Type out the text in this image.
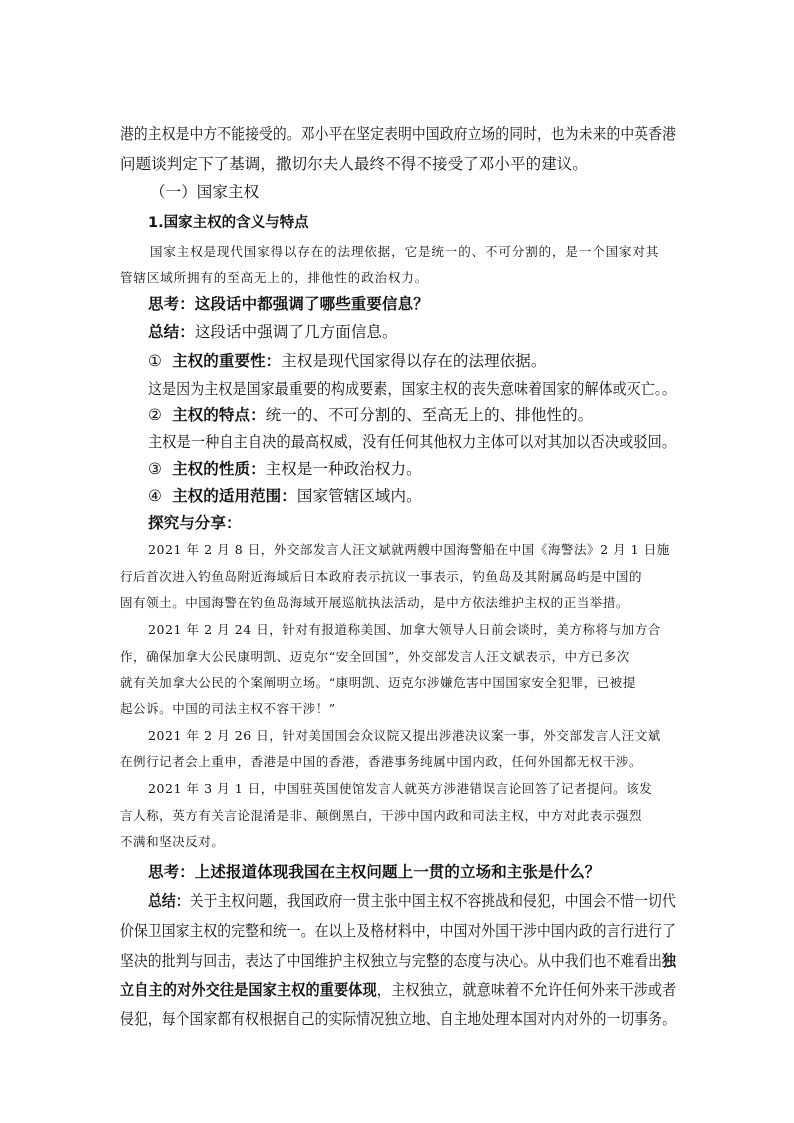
港的主权是中方不能接受的。邓小平在坚定表明中国政府立场的同时，也为未来的中英香港
问题谈判定下了基调，撒切尔夫人最终不得不接受了邓小平的建议。
（一）国家主权
1.国家主权的含义与特点
国家主权是现代国家得以存在的法理依据，它是统一的、不可分割的，是一个国家对其
管辖区域所拥有的至高无上的，排他性的政治权力。
思考：这段话中都强调了哪些重要信息？
总结：这段话中强调了几方面信息。
① 主权的重要性：主权是现代国家得以存在的法理依据。
这是因为主权是国家最重要的构成要素，国家主权的丧失意味着国家的解体或灭亡。。
② 主权的特点：统一的、不可分割的、至高无上的、排他性的。
主权是一种自主自决的最高权威，没有任何其他权力主体可以对其加以否决或驳回。
③ 主权的性质：主权是一种政治权力。
④ 主权的适用范围：国家管辖区域内。
探究与分享：
2021 年 2 月 8 日，外交部发言人汪文斌就两艘中国海警船在中国《海警法》2 月 1 日施
行后首次进入钓鱼岛附近海域后日本政府表示抗议一事表示，钓鱼岛及其附属岛屿是中国的
固有领土。中国海警在钓鱼岛海域开展巡航执法活动，是中方依法维护主权的正当举措。
2021 年 2 月 24 日，针对有报道称美国、加拿大领导人日前会谈时，美方称将与加方合
作，确保加拿大公民康明凯、迈克尔“安全回国”，外交部发言人汪文斌表示，中方已多次
就有关加拿大公民的个案阐明立场。“康明凯、迈克尔涉嫌危害中国国家安全犯罪，已被提
起公诉。中国的司法主权不容干涉！”
2021 年 2 月 26 日，针对美国国会众议院又提出涉港决议案一事，外交部发言人汪文斌
在例行记者会上重申，香港是中国的香港，香港事务纯属中国内政，任何外国都无权干涉。
2021 年 3 月 1 日，中国驻英国使馆发言人就英方涉港错误言论回答了记者提问。该发
言人称，英方有关言论混淆是非、颠倒黑白，干涉中国内政和司法主权，中方对此表示强烈
不满和坚决反对。
思考：上述报道体现我国在主权问题上一贯的立场和主张是什么？
总结：关于主权问题，我国政府一贯主张中国主权不容挑战和侵犯，中国会不惜一切代
价保卫国家主权的完整和统一。在以上及格材料中，中国对外国干涉中国内政的言行进行了
坚决的批判与回击，表达了中国维护主权独立与完整的态度与决心。从中我们也不难看出独
立自主的对外交往是国家主权的重要体现，主权独立，就意味着不允许任何外来干涉或者
侵犯，每个国家都有权根据自己的实际情况独立地、自主地处理本国对内对外的一切事务。
